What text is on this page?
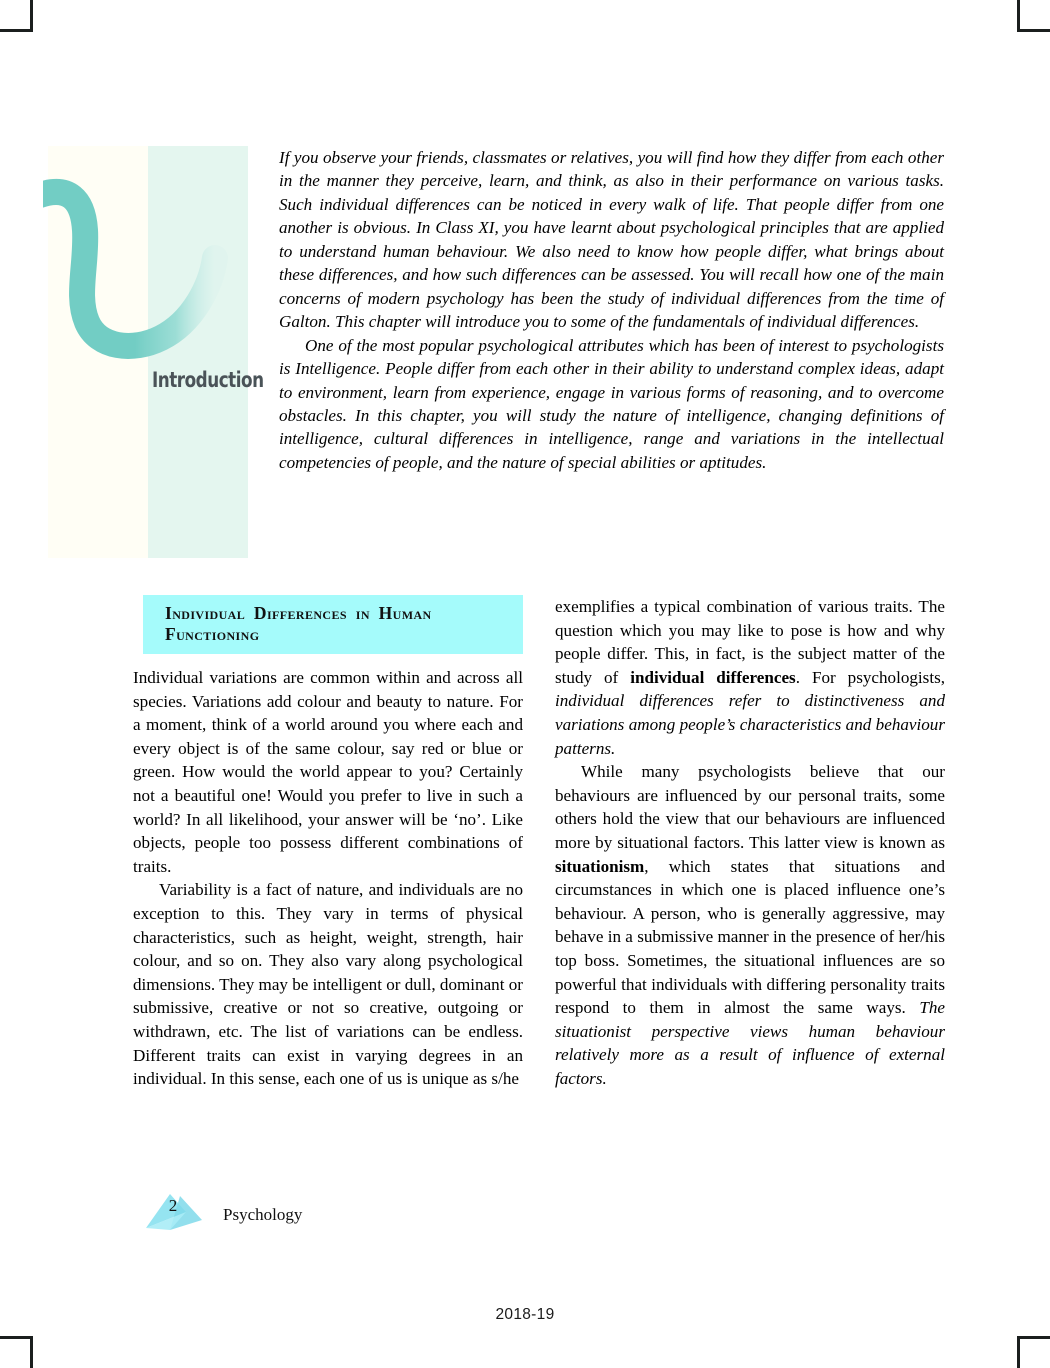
Introduction

If you observe your friends, classmates or relatives, you will find how they differ from each other in the manner they perceive, learn, and think, as also in their performance on various tasks. Such individual differences can be noticed in every walk of life. That people differ from one another is obvious. In Class XI, you have learnt about psychological principles that are applied to understand human behaviour. We also need to know how people differ, what brings about these differences, and how such differences can be assessed. You will recall how one of the main concerns of modern psychology has been the study of individual differences from the time of Galton. This chapter will introduce you to some of the fundamentals of individual differences.

One of the most popular psychological attributes which has been of interest to psychologists is Intelligence. People differ from each other in their ability to understand complex ideas, adapt to environment, learn from experience, engage in various forms of reasoning, and to overcome obstacles. In this chapter, you will study the nature of intelligence, changing definitions of intelligence, cultural differences in intelligence, range and variations in the intellectual competencies of people, and the nature of special abilities or aptitudes.

Individual Differences in Human
Functioning

Individual variations are common within and across all species. Variations add colour and beauty to nature. For a moment, think of a world around you where each and every object is of the same colour, say red or blue or green. How would the world appear to you? Certainly not a beautiful one! Would you prefer to live in such a world? In all likelihood, your answer will be ‘no’. Like objects, people too possess different combinations of traits.

Variability is a fact of nature, and individuals are no exception to this. They vary in terms of physical characteristics, such as height, weight, strength, hair colour, and so on. They also vary along psychological dimensions. They may be intelligent or dull, dominant or submissive, creative or not so creative, outgoing or withdrawn, etc. The list of variations can be endless. Different traits can exist in varying degrees in an individual. In this sense, each one of us is unique as s/he

exemplifies a typical combination of various traits. The question which you may like to pose is how and why people differ. This, in fact, is the subject matter of the study of individual differences. For psychologists, individual differences refer to distinctiveness and variations among people’s characteristics and behaviour patterns.

While many psychologists believe that our behaviours are influenced by our personal traits, some others hold the view that our behaviours are influenced more by situational factors. This latter view is known as situationism, which states that situations and circumstances in which one is placed influence one’s behaviour. A person, who is generally aggressive, may behave in a submissive manner in the presence of her/his top boss. Sometimes, the situational influences are so powerful that individuals with differing personality traits respond to them in almost the same ways. The situationist perspective views human behaviour relatively more as a result of influence of external factors.

2	Psychology
2018-19
